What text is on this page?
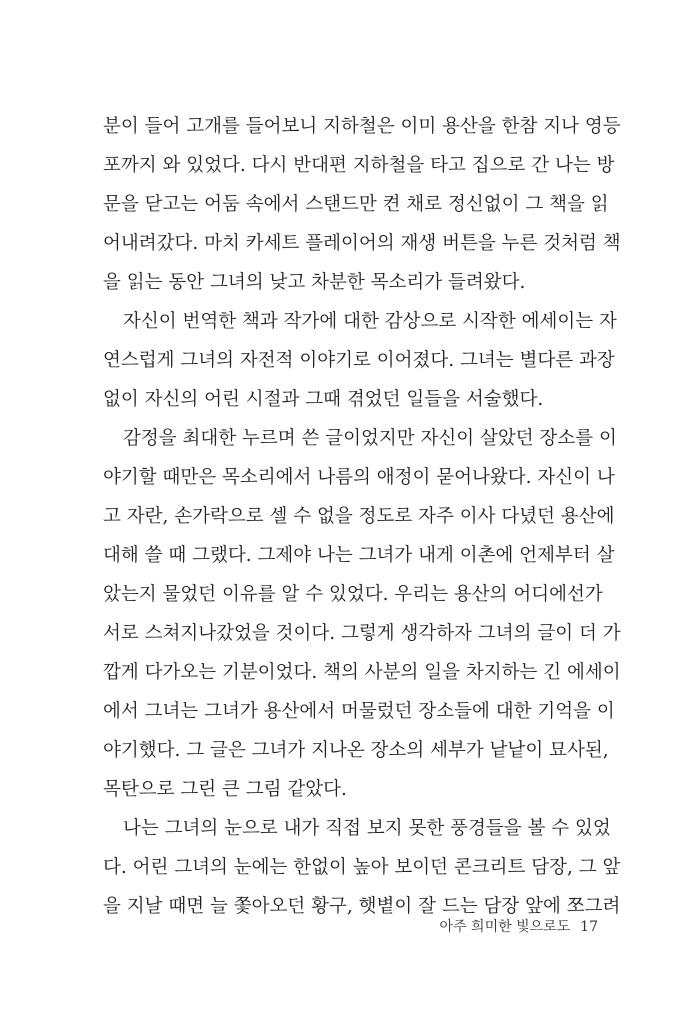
분이 들어 고개를 들어보니 지하철은 이미 용산을 한참 지나 영등
포까지 와 있었다. 다시 반대편 지하철을 타고 집으로 간 나는 방
문을 닫고는 어둠 속에서 스탠드만 켠 채로 정신없이 그 책을 읽
어내려갔다. 마치 카세트 플레이어의 재생 버튼을 누른 것처럼 책
을 읽는 동안 그녀의 낮고 차분한 목소리가 들려왔다.
자신이 번역한 책과 작가에 대한 감상으로 시작한 에세이는 자
연스럽게 그녀의 자전적 이야기로 이어졌다. 그녀는 별다른 과장
없이 자신의 어린 시절과 그때 겪었던 일들을 서술했다.
감정을 최대한 누르며 쓴 글이었지만 자신이 살았던 장소를 이
야기할 때만은 목소리에서 나름의 애정이 묻어나왔다. 자신이 나
고 자란, 손가락으로 셀 수 없을 정도로 자주 이사 다녔던 용산에
대해 쓸 때 그랬다. 그제야 나는 그녀가 내게 이촌에 언제부터 살
았는지 물었던 이유를 알 수 있었다. 우리는 용산의 어디에선가
서로 스쳐지나갔었을 것이다. 그렇게 생각하자 그녀의 글이 더 가
깝게 다가오는 기분이었다. 책의 사분의 일을 차지하는 긴 에세이
에서 그녀는 그녀가 용산에서 머물렀던 장소들에 대한 기억을 이
야기했다. 그 글은 그녀가 지나온 장소의 세부가 낱낱이 묘사된,
목탄으로 그린 큰 그림 같았다.
나는 그녀의 눈으로 내가 직접 보지 못한 풍경들을 볼 수 있었
다. 어린 그녀의 눈에는 한없이 높아 보이던 콘크리트 담장, 그 앞
을 지날 때면 늘 쫓아오던 황구, 햇볕이 잘 드는 담장 앞에 쪼그려
아주 희미한 빛으로도 17
